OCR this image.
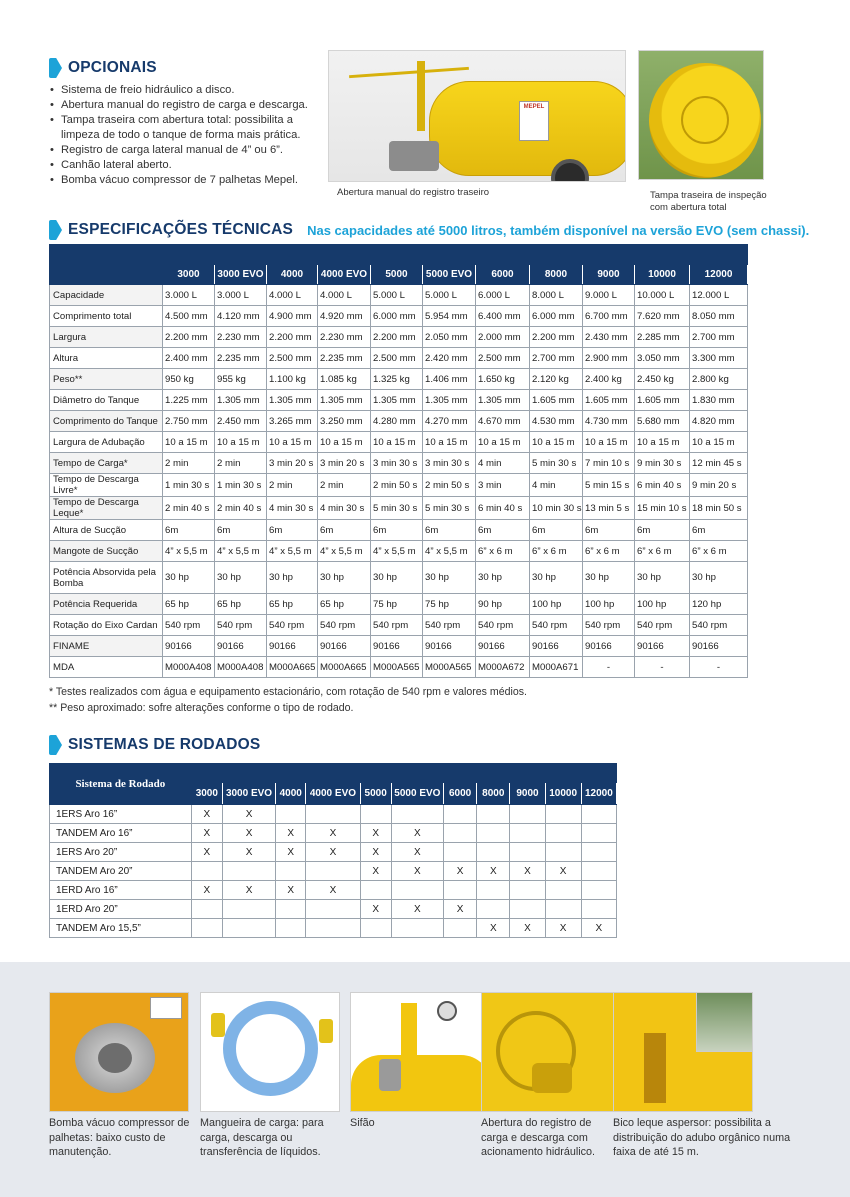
OPCIONAIS
• Sistema de freio hidráulico a disco.
• Abertura manual do registro de carga e descarga.
• Tampa traseira com abertura total: possibilita a limpeza de todo o tanque de forma mais prática.
• Registro de carga lateral manual de 4” ou 6”.
• Canhão lateral aberto.
• Bomba vácuo compressor de 7 palhetas Mepel.
MEPEL
Abertura manual do registro traseiro	Tampa traseira de inspeção com abertura total
ESPECIFICAÇÕES TÉCNICAS Nas capacidades até 5000 litros, também disponível na versão EVO (sem chassi).

	3000	3000 EVO	4000	4000 EVO	5000	5000 EVO	6000	8000	9000	10000	12000
Capacidade	3.000 L	3.000 L	4.000 L	4.000 L	5.000 L	5.000 L	6.000 L	8.000 L	9.000 L	10.000 L	12.000 L
Comprimento total	4.500 mm	4.120 mm	4.900 mm	4.920 mm	6.000 mm	5.954 mm	6.400 mm	6.000 mm	6.700 mm	7.620 mm	8.050 mm
Largura	2.200 mm	2.230 mm	2.200 mm	2.230 mm	2.200 mm	2.050 mm	2.000 mm	2.200 mm	2.430 mm	2.285 mm	2.700 mm
Altura	2.400 mm	2.235 mm	2.500 mm	2.235 mm	2.500 mm	2.420 mm	2.500 mm	2.700 mm	2.900 mm	3.050 mm	3.300 mm
Peso**	950 kg	955 kg	1.100 kg	1.085 kg	1.325 kg	1.406 mm	1.650 kg	2.120 kg	2.400 kg	2.450 kg	2.800 kg
Diâmetro do Tanque	1.225 mm	1.305 mm	1.305 mm	1.305 mm	1.305 mm	1.305 mm	1.305 mm	1.605 mm	1.605 mm	1.605 mm	1.830 mm
Comprimento do Tanque	2.750 mm	2.450 mm	3.265 mm	3.250 mm	4.280 mm	4.270 mm	4.670 mm	4.530 mm	4.730 mm	5.680 mm	4.820 mm
Largura de Adubação	10 a 15 m	10 a 15 m	10 a 15 m	10 a 15 m	10 a 15 m	10 a 15 m	10 a 15 m	10 a 15 m	10 a 15 m	10 a 15 m	10 a 15 m
Tempo de Carga*	2 min	2 min	3 min 20 s	3 min 20 s	3 min 30 s	3 min 30 s	4 min	5 min 30 s	7 min 10 s	9 min 30 s	12 min 45 s
Tempo de Descarga Livre*	1 min 30 s	1 min 30 s	2 min	2 min	2 min 50 s	2 min 50 s	3 min	4 min	5 min 15 s	6 min 40 s	9 min 20 s
Tempo de Descarga Leque*	2 min 40 s	2 min 40 s	4 min 30 s	4 min 30 s	5 min 30 s	5 min 30 s	6 min 40 s	10 min 30 s	13 min 5 s	15 min 10 s	18 min 50 s
Altura de Sucção	6m	6m	6m	6m	6m	6m	6m	6m	6m	6m	6m
Mangote de Sucção	4” x 5,5 m	4” x 5,5 m	4” x 5,5 m	4” x 5,5 m	4” x 5,5 m	4” x 5,5 m	6” x 6 m	6” x 6 m	6” x 6 m	6” x 6 m	6” x 6 m
Potência Absorvida pela Bomba	30 hp	30 hp	30 hp	30 hp	30 hp	30 hp	30 hp	30 hp	30 hp	30 hp	30 hp
Potência Requerida	65 hp	65 hp	65 hp	65 hp	75 hp	75 hp	90 hp	100 hp	100 hp	100 hp	120 hp
Rotação do Eixo Cardan	540 rpm	540 rpm	540 rpm	540 rpm	540 rpm	540 rpm	540 rpm	540 rpm	540 rpm	540 rpm	540 rpm
FINAME	90166	90166	90166	90166	90166	90166	90166	90166	90166	90166	90166
MDA	M000A408	M000A408	M000A665	M000A665	M000A565	M000A565	M000A672	M000A671	-	-	-
* Testes realizados com água e equipamento estacionário, com rotação de 540 rpm e valores médios.
** Peso aproximado: sofre alterações conforme o tipo de rodado.
SISTEMAS DE RODADOS
Sistema de Rodado											
	3000	3000 EVO	4000	4000 EVO	5000	5000 EVO	6000	8000	9000	10000	12000
1ERS Aro 16”	X	X									
TANDEM Aro 16”	X	X	X	X	X	X					
1ERS Aro 20”	X	X	X	X	X	X					
TANDEM Aro 20”					X	X	X	X	X	X	
1ERD Aro 16”	X	X	X	X							
1ERD Aro 20”					X	X	X				
TANDEM Aro 15,5”								X	X	X	X
Bomba vácuo compressor de palhetas: baixo custo de manutenção.
Mangueira de carga: para carga, descarga ou transferência de líquidos.
Sifão	Abertura do registro de carga e descarga com acionamento hidráulico.
Bico leque aspersor: possibilita a distribuição do adubo orgânico numa faixa de até 15 m.
